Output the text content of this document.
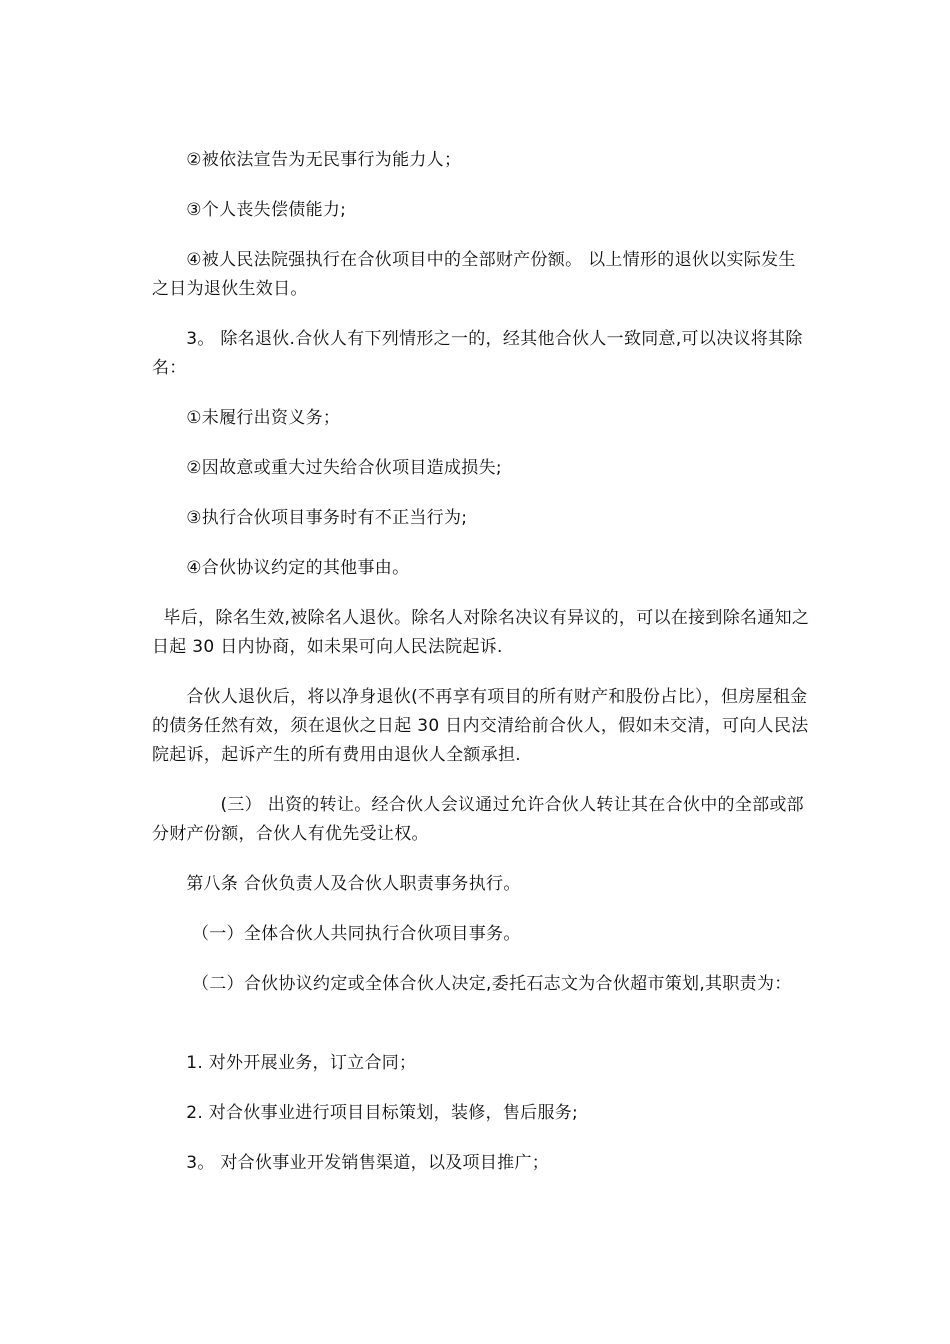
②被依法宣告为无民事行为能力人；

③个人丧失偿债能力;

④被人民法院强执行在合伙项目中的全部财产份额。 以上情形的退伙以实际发生之日为退伙生效日。

3。 除名退伙.合伙人有下列情形之一的，经其他合伙人一致同意,可以决议将其除名：

①未履行出资义务；

②因故意或重大过失给合伙项目造成损失;

③执行合伙项目事务时有不正当行为;

④合伙协议约定的其他事由。

毕后，除名生效,被除名人退伙。除名人对除名决议有异议的，可以在接到除名通知之日起 30 日内协商，如未果可向人民法院起诉.

合伙人退伙后，将以净身退伙(不再享有项目的所有财产和股份占比），但房屋租金的债务任然有效，须在退伙之日起 30 日内交清给前合伙人，假如未交清，可向人民法院起诉，起诉产生的所有费用由退伙人全额承担.

(三） 出资的转让。经合伙人会议通过允许合伙人转让其在合伙中的全部或部分财产份额，合伙人有优先受让权。

第八条 合伙负责人及合伙人职责事务执行。

（一）全体合伙人共同执行合伙项目事务。

（二）合伙协议约定或全体合伙人决定,委托石志文为合伙超市策划,其职责为：

1. 对外开展业务，订立合同；

2. 对合伙事业进行项目目标策划，装修，售后服务;

3。 对合伙事业开发销售渠道，以及项目推广；
